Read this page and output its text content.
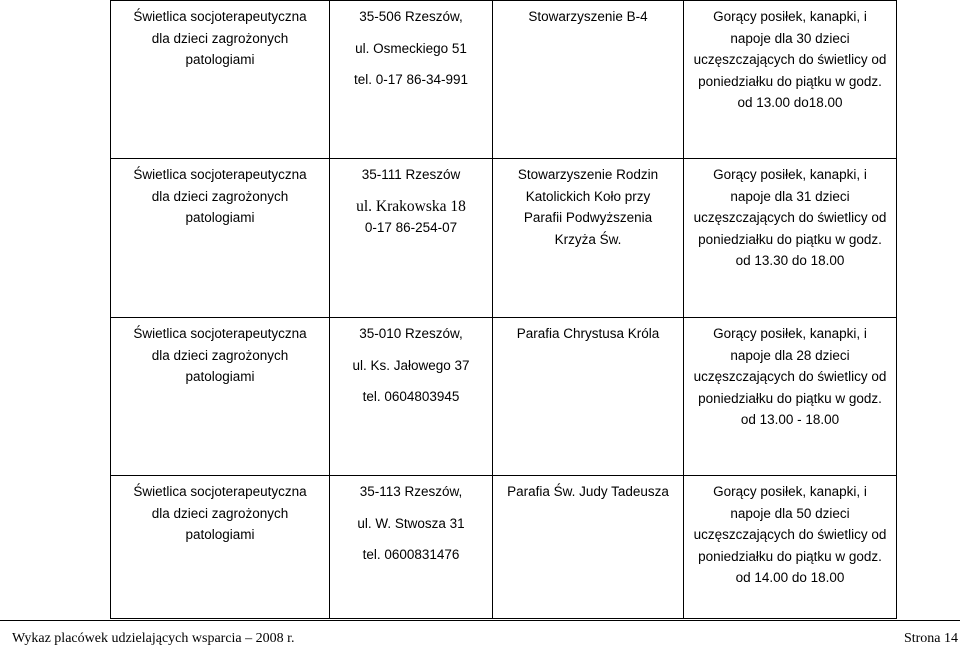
Świetlica socjoterapeutyczna
dla dzieci zagrożonych
patologiami	35-506 Rzeszów,
ul. Osmeckiego 51
tel. 0-17 86-34-991	Stowarzyszenie B-4	Gorący posiłek, kanapki, i
napoje dla 30 dzieci
uczęszczających do świetlicy od
poniedziałku do piątku w godz.
od 13.00 do18.00

Świetlica socjoterapeutyczna
dla dzieci zagrożonych
patologiami	35-111 Rzeszów
ul. Krakowska 18
0-17 86-254-07	Stowarzyszenie Rodzin
Katolickich Koło przy
Parafii Podwyższenia
Krzyża Św.	Gorący posiłek, kanapki, i
napoje dla 31 dzieci
uczęszczających do świetlicy od
poniedziałku do piątku w godz.
od 13.30 do 18.00

Świetlica socjoterapeutyczna
dla dzieci zagrożonych
patologiami	35-010 Rzeszów,
ul. Ks. Jałowego 37
tel. 0604803945	Parafia Chrystusa Króla	Gorący posiłek, kanapki, i
napoje dla 28 dzieci
uczęszczających do świetlicy od
poniedziałku do piątku w godz.
od 13.00 - 18.00

Świetlica socjoterapeutyczna
dla dzieci zagrożonych
patologiami	35-113 Rzeszów,
ul. W. Stwosza 31
tel. 0600831476	Parafia Św. Judy Tadeusza	Gorący posiłek, kanapki, i
napoje dla 50 dzieci
uczęszczających do świetlicy od
poniedziałku do piątku w godz.
od 14.00 do 18.00
Wykaz placówek udzielających wsparcia – 2008 r.	Strona 14
